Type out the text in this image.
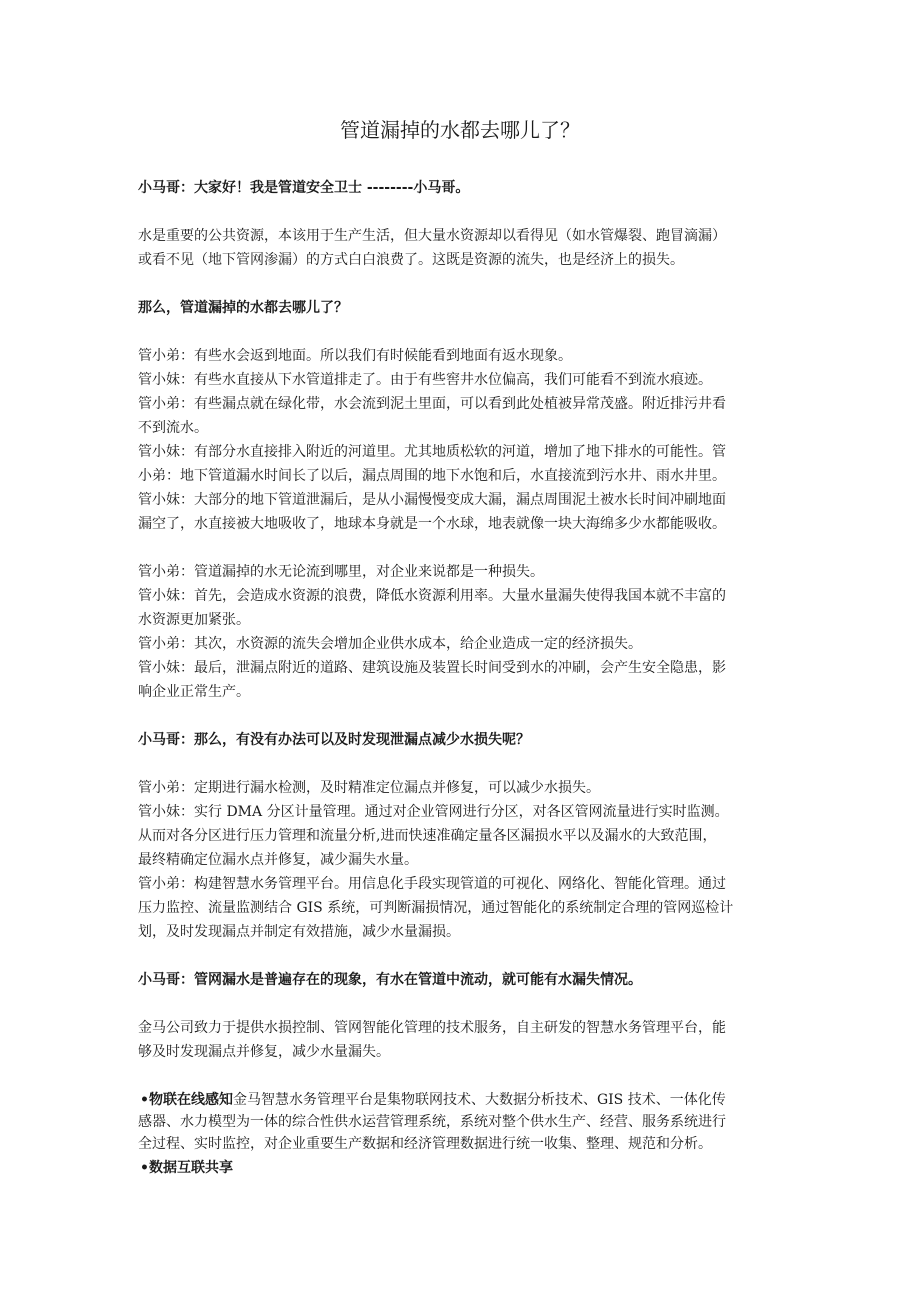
管道漏掉的水都去哪儿了？

小马哥：大家好！我是管道安全卫士 --------小马哥。

水是重要的公共资源，本该用于生产生活，但大量水资源却以看得见（如水管爆裂、跑冒滴漏）

或看不见（地下管网渗漏）的方式白白浪费了。这既是资源的流失，也是经济上的损失。

那么，管道漏掉的水都去哪儿了？

管小弟：有些水会返到地面。所以我们有时候能看到地面有返水现象。

管小妹：有些水直接从下水管道排走了。由于有些窖井水位偏高，我们可能看不到流水痕迹。

管小弟：有些漏点就在绿化带，水会流到泥土里面，可以看到此处植被异常茂盛。附近排污井看

不到流水。

管小妹：有部分水直接排入附近的河道里。尤其地质松软的河道，增加了地下排水的可能性。管

小弟：地下管道漏水时间长了以后，漏点周围的地下水饱和后，水直接流到污水井、雨水井里。

管小妹：大部分的地下管道泄漏后，是从小漏慢慢变成大漏，漏点周围泥土被水长时间冲刷地面

漏空了，水直接被大地吸收了，地球本身就是一个水球，地表就像一块大海绵多少水都能吸收。

管小弟：管道漏掉的水无论流到哪里，对企业来说都是一种损失。

管小妹：首先，会造成水资源的浪费，降低水资源利用率。大量水量漏失使得我国本就不丰富的

水资源更加紧张。

管小弟：其次，水资源的流失会增加企业供水成本，给企业造成一定的经济损失。

管小妹：最后，泄漏点附近的道路、建筑设施及装置长时间受到水的冲刷，会产生安全隐患，影

响企业正常生产。

小马哥：那么，有没有办法可以及时发现泄漏点减少水损失呢？

管小弟：定期进行漏水检测，及时精准定位漏点并修复，可以减少水损失。

管小妹：实行 DMA 分区计量管理。通过对企业管网进行分区，对各区管网流量进行实时监测。

从而对各分区进行压力管理和流量分析,进而快速准确定量各区漏损水平以及漏水的大致范围，

最终精确定位漏水点并修复，减少漏失水量。

管小弟：构建智慧水务管理平台。用信息化手段实现管道的可视化、网络化、智能化管理。通过

压力监控、流量监测结合 GIS 系统，可判断漏损情况，通过智能化的系统制定合理的管网巡检计

划，及时发现漏点并制定有效措施，减少水量漏损。

小马哥：管网漏水是普遍存在的现象，有水在管道中流动，就可能有水漏失情况。

金马公司致力于提供水损控制、管网智能化管理的技术服务，自主研发的智慧水务管理平台，能

够及时发现漏点并修复，减少水量漏失。

•物联在线感知金马智慧水务管理平台是集物联网技术、大数据分析技术、GIS 技术、一体化传

感器、水力模型为一体的综合性供水运营管理系统，系统对整个供水生产、经营、服务系统进行

全过程、实时监控，对企业重要生产数据和经济管理数据进行统一收集、整理、规范和分析。

•数据互联共享
